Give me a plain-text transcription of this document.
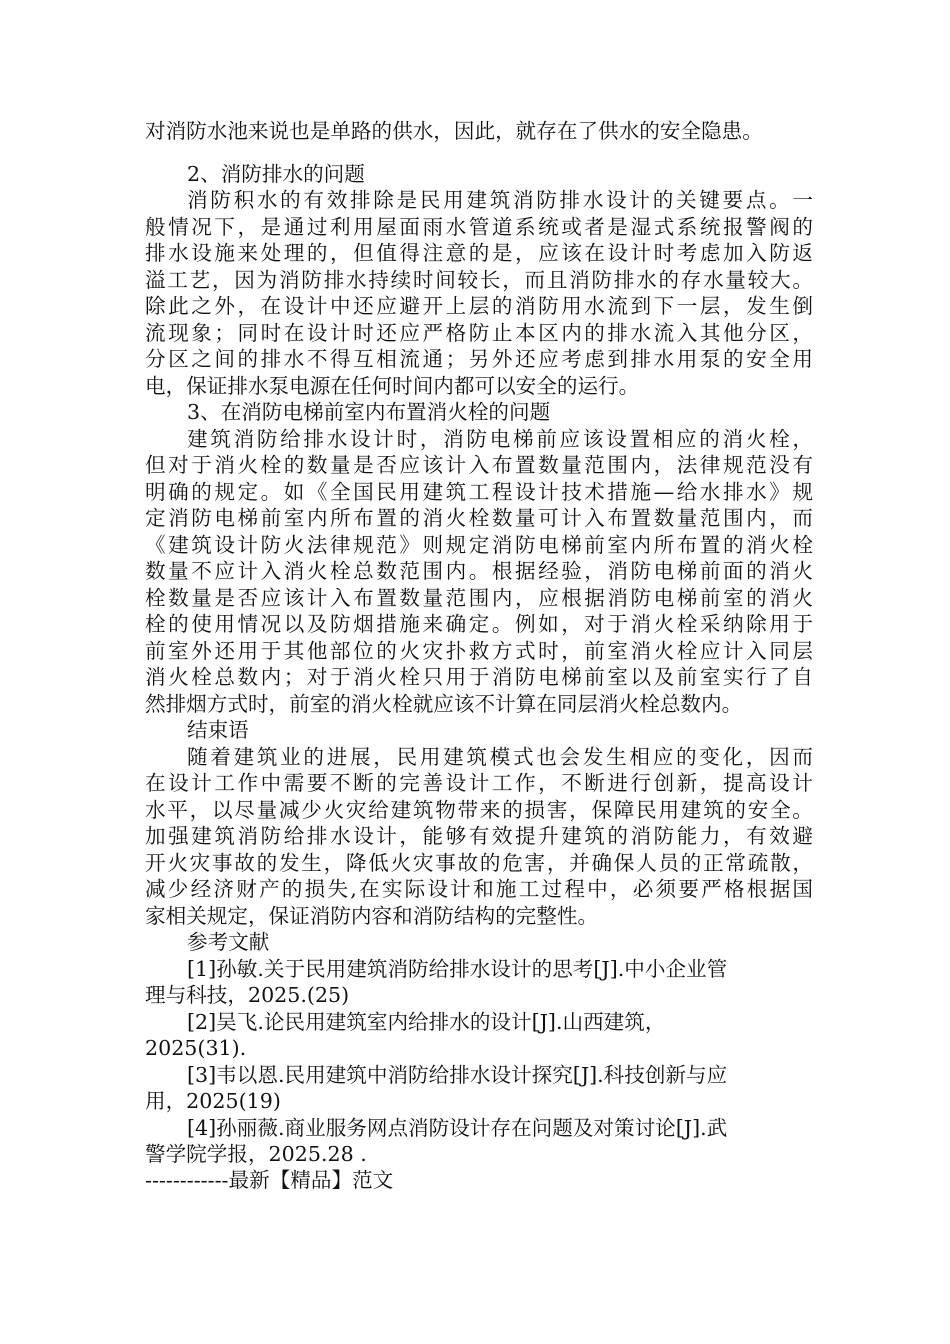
对消防水池来说也是单路的供水，因此，就存在了供水的安全隐患。
2、消防排水的问题
消防积水的有效排除是民用建筑消防排水设计的关键要点。一
般情况下，是通过利用屋面雨水管道系统或者是湿式系统报警阀的
排水设施来处理的，但值得注意的是，应该在设计时考虑加入防返
溢工艺，因为消防排水持续时间较长，而且消防排水的存水量较大。
除此之外，在设计中还应避开上层的消防用水流到下一层，发生倒
流现象；同时在设计时还应严格防止本区内的排水流入其他分区，
分区之间的排水不得互相流通；另外还应考虑到排水用泵的安全用
电，保证排水泵电源在任何时间内都可以安全的运行。
3、在消防电梯前室内布置消火栓的问题
建筑消防给排水设计时，消防电梯前应该设置相应的消火栓，
但对于消火栓的数量是否应该计入布置数量范围内，法律规范没有
明确的规定。如《全国民用建筑工程设计技术措施—给水排水》规
定消防电梯前室内所布置的消火栓数量可计入布置数量范围内，而
《建筑设计防火法律规范》则规定消防电梯前室内所布置的消火栓
数量不应计入消火栓总数范围内。根据经验，消防电梯前面的消火
栓数量是否应该计入布置数量范围内，应根据消防电梯前室的消火
栓的使用情况以及防烟措施来确定。例如，对于消火栓采纳除用于
前室外还用于其他部位的火灾扑救方式时，前室消火栓应计入同层
消火栓总数内；对于消火栓只用于消防电梯前室以及前室实行了自
然排烟方式时，前室的消火栓就应该不计算在同层消火栓总数内。
结束语
随着建筑业的进展，民用建筑模式也会发生相应的变化，因而
在设计工作中需要不断的完善设计工作，不断进行创新，提高设计
水平，以尽量减少火灾给建筑物带来的损害，保障民用建筑的安全。
加强建筑消防给排水设计，能够有效提升建筑的消防能力，有效避
开火灾事故的发生，降低火灾事故的危害，并确保人员的正常疏散，
减少经济财产的损失,在实际设计和施工过程中，必须要严格根据国
家相关规定，保证消防内容和消防结构的完整性。
参考文献
[1]孙敏.关于民用建筑消防给排水设计的思考[J].中小企业管
理与科技，2025.(25)
[2]吴飞.论民用建筑室内给排水的设计[J].山西建筑，
2025(31).
[3]韦以恩.民用建筑中消防给排水设计探究[J].科技创新与应
用，2025(19)
[4]孙丽薇.商业服务网点消防设计存在问题及对策讨论[J].武
警学院学报，2025.28 .
------------最新【精品】范文
